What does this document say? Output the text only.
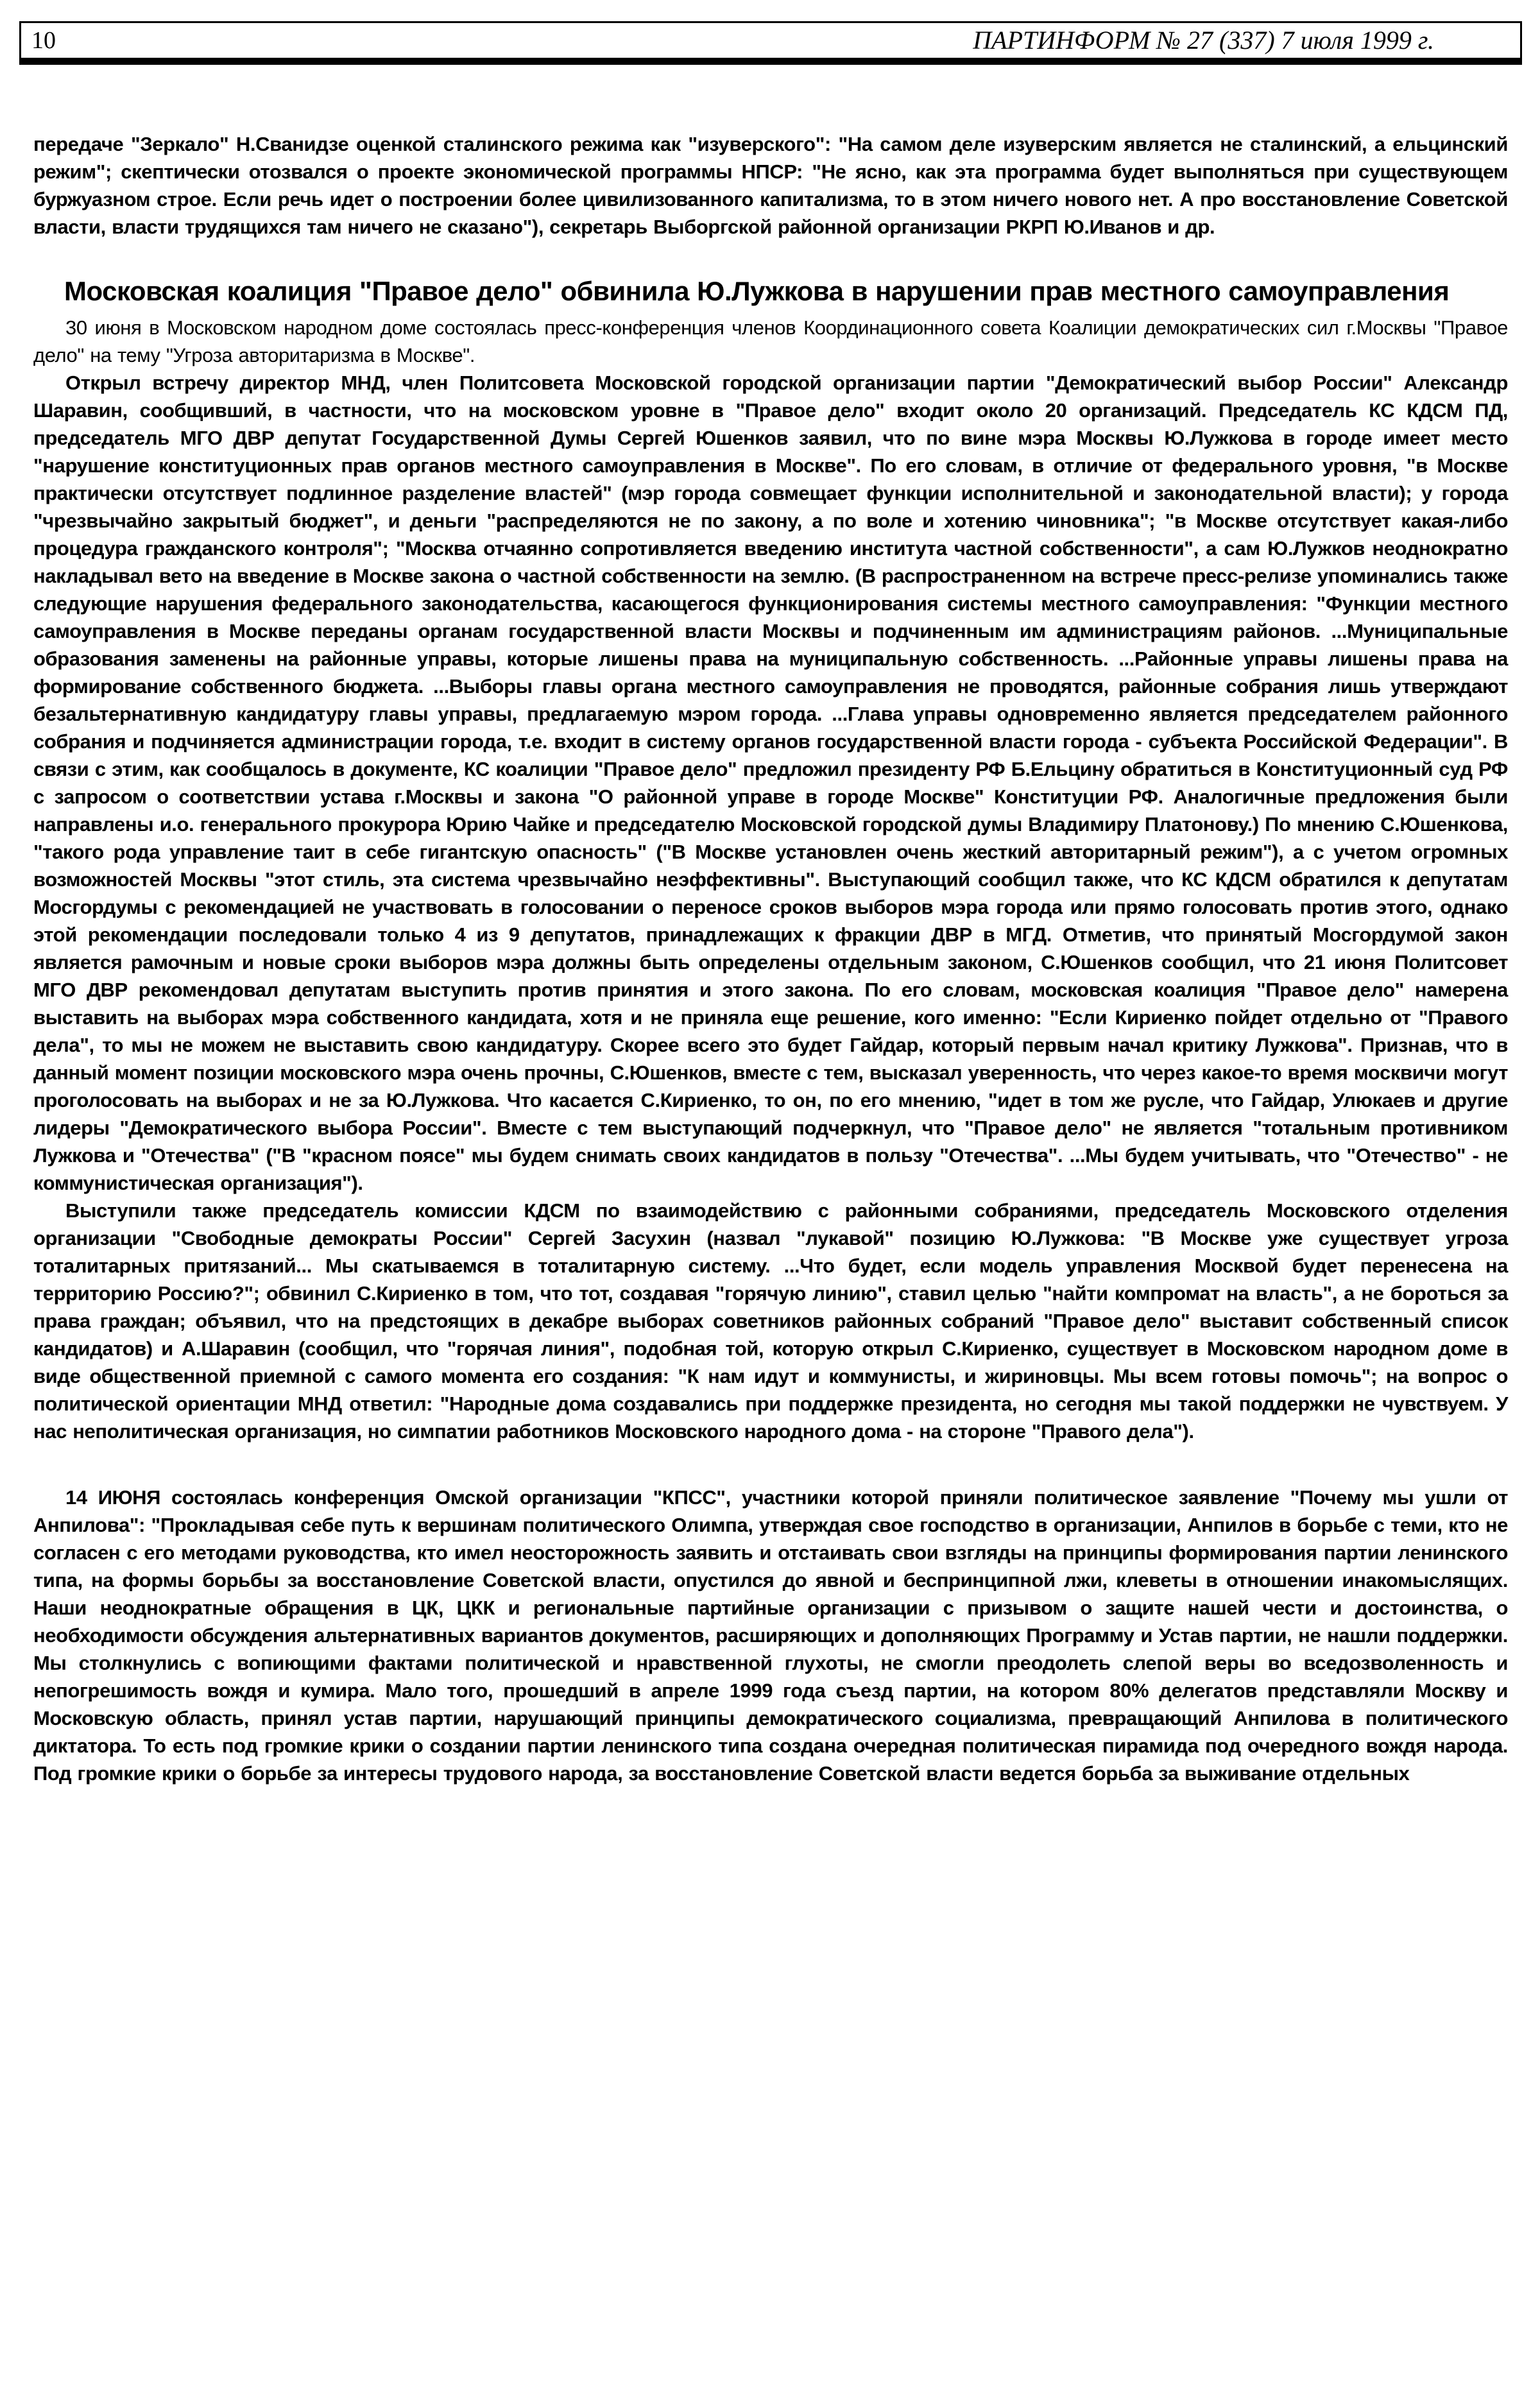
10	ПАРТИНФОРМ № 27 (337) 7 июля 1999 г.

передаче "Зеркало" Н.Сванидзе оценкой сталинского режима как "изуверского": "На самом деле изуверским является не сталинский, а ельцинский режим"; скептически отозвался о проекте экономической программы НПСР: "Не ясно, как эта программа будет выполняться при существующем буржуазном строе. Если речь идет о построении более цивилизованного капитализма, то в этом ничего нового нет. А про восстановление Советской власти, власти трудящихся там ничего не сказано"), секретарь Выборгской районной организации РКРП Ю.Иванов и др.

Московская коалиция "Правое дело" обвинила Ю.Лужкова в нарушении прав местного самоуправления

30 июня в Московском народном доме состоялась пресс-конференция членов Координационного совета Коалиции демократических сил г.Москвы "Правое дело" на тему "Угроза авторитаризма в Москве".

Открыл встречу директор МНД, член Политсовета Московской городской организации партии "Демократический выбор России" Александр Шаравин, сообщивший, в частности, что на московском уровне в "Правое дело" входит около 20 организаций. Председатель КС КДСМ ПД, председатель МГО ДВР депутат Государственной Думы Сергей Юшенков заявил, что по вине мэра Москвы Ю.Лужкова в городе имеет место "нарушение конституционных прав органов местного самоуправления в Москве". По его словам, в отличие от федерального уровня, "в Москве практически отсутствует подлинное разделение властей" (мэр города совмещает функции исполнительной и законодательной власти); у города "чрезвычайно закрытый бюджет", и деньги "распределяются не по закону, а по воле и хотению чиновника"; "в Москве отсутствует какая-либо процедура гражданского контроля"; "Москва отчаянно сопротивляется введению института частной собственности", а сам Ю.Лужков неоднократно накладывал вето на введение в Москве закона о частной собственности на землю. (В распространенном на встрече пресс-релизе упоминались также следующие нарушения федерального законодательства, касающегося функционирования системы местного самоуправления: "Функции местного самоуправления в Москве переданы органам государственной власти Москвы и подчиненным им администрациям районов. ...Муниципальные образования заменены на районные управы, которые лишены права на муниципальную собственность. ...Районные управы лишены права на формирование собственного бюджета. ...Выборы главы органа местного самоуправления не проводятся, районные собрания лишь утверждают безальтернативную кандидатуру главы управы, предлагаемую мэром города. ...Глава управы одновременно является председателем районного собрания и подчиняется администрации города, т.е. входит в систему органов государственной власти города - субъекта Российской Федерации". В связи с этим, как сообщалось в документе, КС коалиции "Правое дело" предложил президенту РФ Б.Ельцину обратиться в Конституционный суд РФ с запросом о соответствии устава г.Москвы и закона "О районной управе в городе Москве" Конституции РФ. Аналогичные предложения были направлены и.о. генерального прокурора Юрию Чайке и председателю Московской городской думы Владимиру Платонову.) По мнению С.Юшенкова, "такого рода управление таит в себе гигантскую опасность" ("В Москве установлен очень жесткий авторитарный режим"), а с учетом огромных возможностей Москвы "этот стиль, эта система чрезвычайно неэффективны". Выступающий сообщил также, что КС КДСМ обратился к депутатам Мосгордумы с рекомендацией не участвовать в голосовании о переносе сроков выборов мэра города или прямо голосовать против этого, однако этой рекомендации последовали только 4 из 9 депутатов, принадлежащих к фракции ДВР в МГД. Отметив, что принятый Мосгордумой закон является рамочным и новые сроки выборов мэра должны быть определены отдельным законом, С.Юшенков сообщил, что 21 июня Политсовет МГО ДВР рекомендовал депутатам выступить против принятия и этого закона. По его словам, московская коалиция "Правое дело" намерена выставить на выборах мэра собственного кандидата, хотя и не приняла еще решение, кого именно: "Если Кириенко пойдет отдельно от "Правого дела", то мы не можем не выставить свою кандидатуру. Скорее всего это будет Гайдар, который первым начал критику Лужкова". Признав, что в данный момент позиции московского мэра очень прочны, С.Юшенков, вместе с тем, высказал уверенность, что через какое-то время москвичи могут проголосовать на выборах и не за Ю.Лужкова. Что касается С.Кириенко, то он, по его мнению, "идет в том же русле, что Гайдар, Улюкаев и другие лидеры "Демократического выбора России". Вместе с тем выступающий подчеркнул, что "Правое дело" не является "тотальным противником Лужкова и "Отечества" ("В "красном поясе" мы будем снимать своих кандидатов в пользу "Отечества". ...Мы будем учитывать, что "Отечество" - не коммунистическая организация").

Выступили также председатель комиссии КДСМ по взаимодействию с районными собраниями, председатель Московского отделения организации "Свободные демократы России" Сергей Засухин (назвал "лукавой" позицию Ю.Лужкова: "В Москве уже существует угроза тоталитарных притязаний... Мы скатываемся в тоталитарную систему. ...Что будет, если модель управления Москвой будет перенесена на территорию Россию?"; обвинил С.Кириенко в том, что тот, создавая "горячую линию", ставил целью "найти компромат на власть", а не бороться за права граждан; объявил, что на предстоящих в декабре выборах советников районных собраний "Правое дело" выставит собственный список кандидатов) и А.Шаравин (сообщил, что "горячая линия", подобная той, которую открыл С.Кириенко, существует в Московском народном доме в виде общественной приемной с самого момента его создания: "К нам идут и коммунисты, и жириновцы. Мы всем готовы помочь"; на вопрос о политической ориентации МНД ответил: "Народные дома создавались при поддержке президента, но сегодня мы такой поддержки не чувствуем. У нас неполитическая организация, но симпатии работников Московского народного дома - на стороне "Правого дела").

14 ИЮНЯ состоялась конференция Омской организации "КПСС", участники которой приняли политическое заявление "Почему мы ушли от Анпилова": "Прокладывая себе путь к вершинам политического Олимпа, утверждая свое господство в организации, Анпилов в борьбе с теми, кто не согласен с его методами руководства, кто имел неосторожность заявить и отстаивать свои взгляды на принципы формирования партии ленинского типа, на формы борьбы за восстановление Советской власти, опустился до явной и беспринципной лжи, клеветы в отношении инакомыслящих. Наши неоднократные обращения в ЦК, ЦКК и региональные партийные организации с призывом о защите нашей чести и достоинства, о необходимости обсуждения альтернативных вариантов документов, расширяющих и дополняющих Программу и Устав партии, не нашли поддержки. Мы столкнулись с вопиющими фактами политической и нравственной глухоты, не смогли преодолеть слепой веры во вседозволенность и непогрешимость вождя и кумира. Мало того, прошедший в апреле 1999 года съезд партии, на котором 80% делегатов представляли Москву и Московскую область, принял устав партии, нарушающий принципы демократического социализма, превращающий Анпилова в политического диктатора. То есть под громкие крики о создании партии ленинского типа создана очередная политическая пирамида под очередного вождя народа. Под громкие крики о борьбе за интересы трудового народа, за восстановление Советской власти ведется борьба за выживание отдельных
